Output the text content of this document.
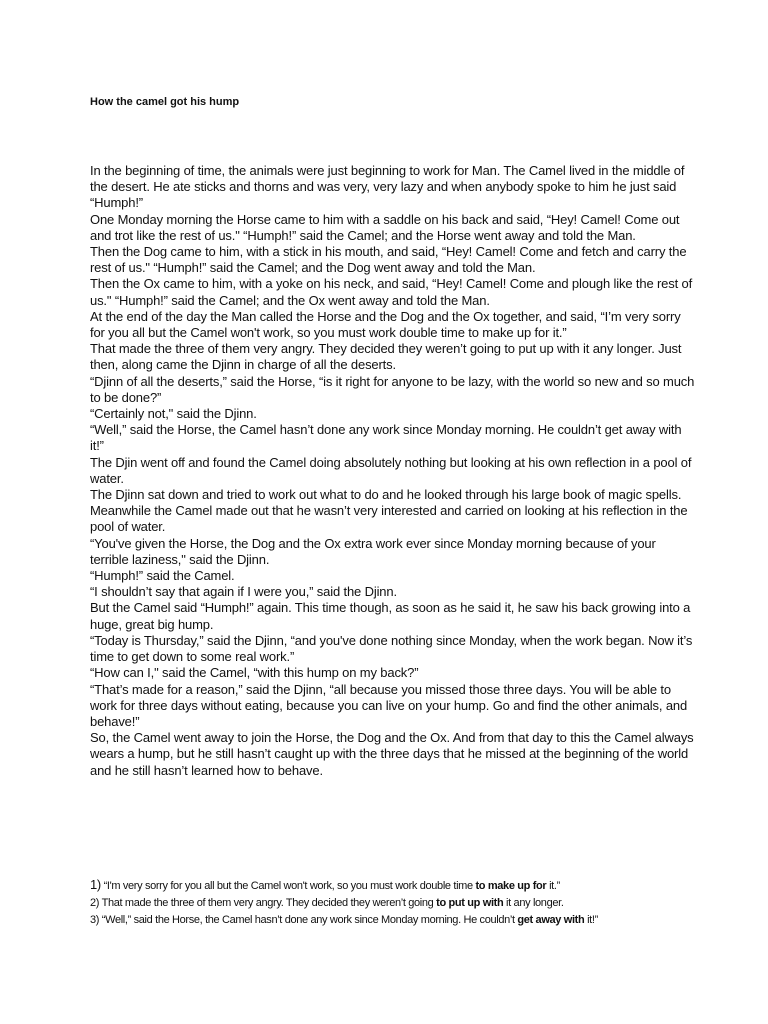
How the camel got his hump

In the beginning of time, the animals were just beginning to work for Man. The Camel lived in the middle of the desert. He ate sticks and thorns and was very, very lazy and when anybody spoke to him he just said “Humph!”

One Monday morning the Horse came to him with a saddle on his back and said, “Hey! Camel! Come out and trot like the rest of us." “Humph!” said the Camel; and the Horse went away and told the Man.

Then the Dog came to him, with a stick in his mouth, and said, “Hey! Camel! Come and fetch and carry the rest of us." “Humph!” said the Camel; and the Dog went away and told the Man.

Then the Ox came to him, with a yoke on his neck, and said, “Hey! Camel! Come and plough like the rest of us." “Humph!” said the Camel; and the Ox went away and told the Man.

At the end of the day the Man called the Horse and the Dog and the Ox together, and said, “I’m very sorry for you all but the Camel won't work, so you must work double time to make up for it.”

That made the three of them very angry. They decided they weren’t going to put up with it any longer. Just then, along came the Djinn in charge of all the deserts.

“Djinn of all the deserts,” said the Horse, “is it right for anyone to be lazy, with the world so new and so much to be done?”

“Certainly not," said the Djinn.

“Well,” said the Horse, the Camel hasn’t done any work since Monday morning. He couldn’t get away with it!”

The Djin went off and found the Camel doing absolutely nothing but looking at his own reflection in a pool of water.

The Djinn sat down and tried to work out what to do and he looked through his large book of magic spells. Meanwhile the Camel made out that he wasn’t very interested and carried on looking at his reflection in the pool of water.

“You've given the Horse, the Dog and the Ox extra work ever since Monday morning because of your terrible laziness," said the Djinn.

“Humph!” said the Camel.

“I shouldn’t say that again if I were you,” said the Djinn.

But the Camel said “Humph!” again. This time though, as soon as he said it, he saw his back growing into a huge, great big hump.

“Today is Thursday,” said the Djinn, “and you've done nothing since Monday, when the work began. Now it’s time to get down to some real work.”

“How can I," said the Camel, “with this hump on my back?”

“That’s made for a reason,” said the Djinn, “all because you missed those three days. You will be able to work for three days without eating, because you can live on your hump. Go and find the other animals, and behave!”

So, the Camel went away to join the Horse, the Dog and the Ox. And from that day to this the Camel always wears a hump, but he still hasn’t caught up with the three days that he missed at the beginning of the world and he still hasn’t learned how to behave.

1) “I'm very sorry for you all but the Camel won't work, so you must work double time to make up for it.”

2) That made the three of them very angry. They decided they weren’t going to put up with it any longer.

3) “Well,” said the Horse, the Camel hasn’t done any work since Monday morning. He couldn’t get away with it!”
